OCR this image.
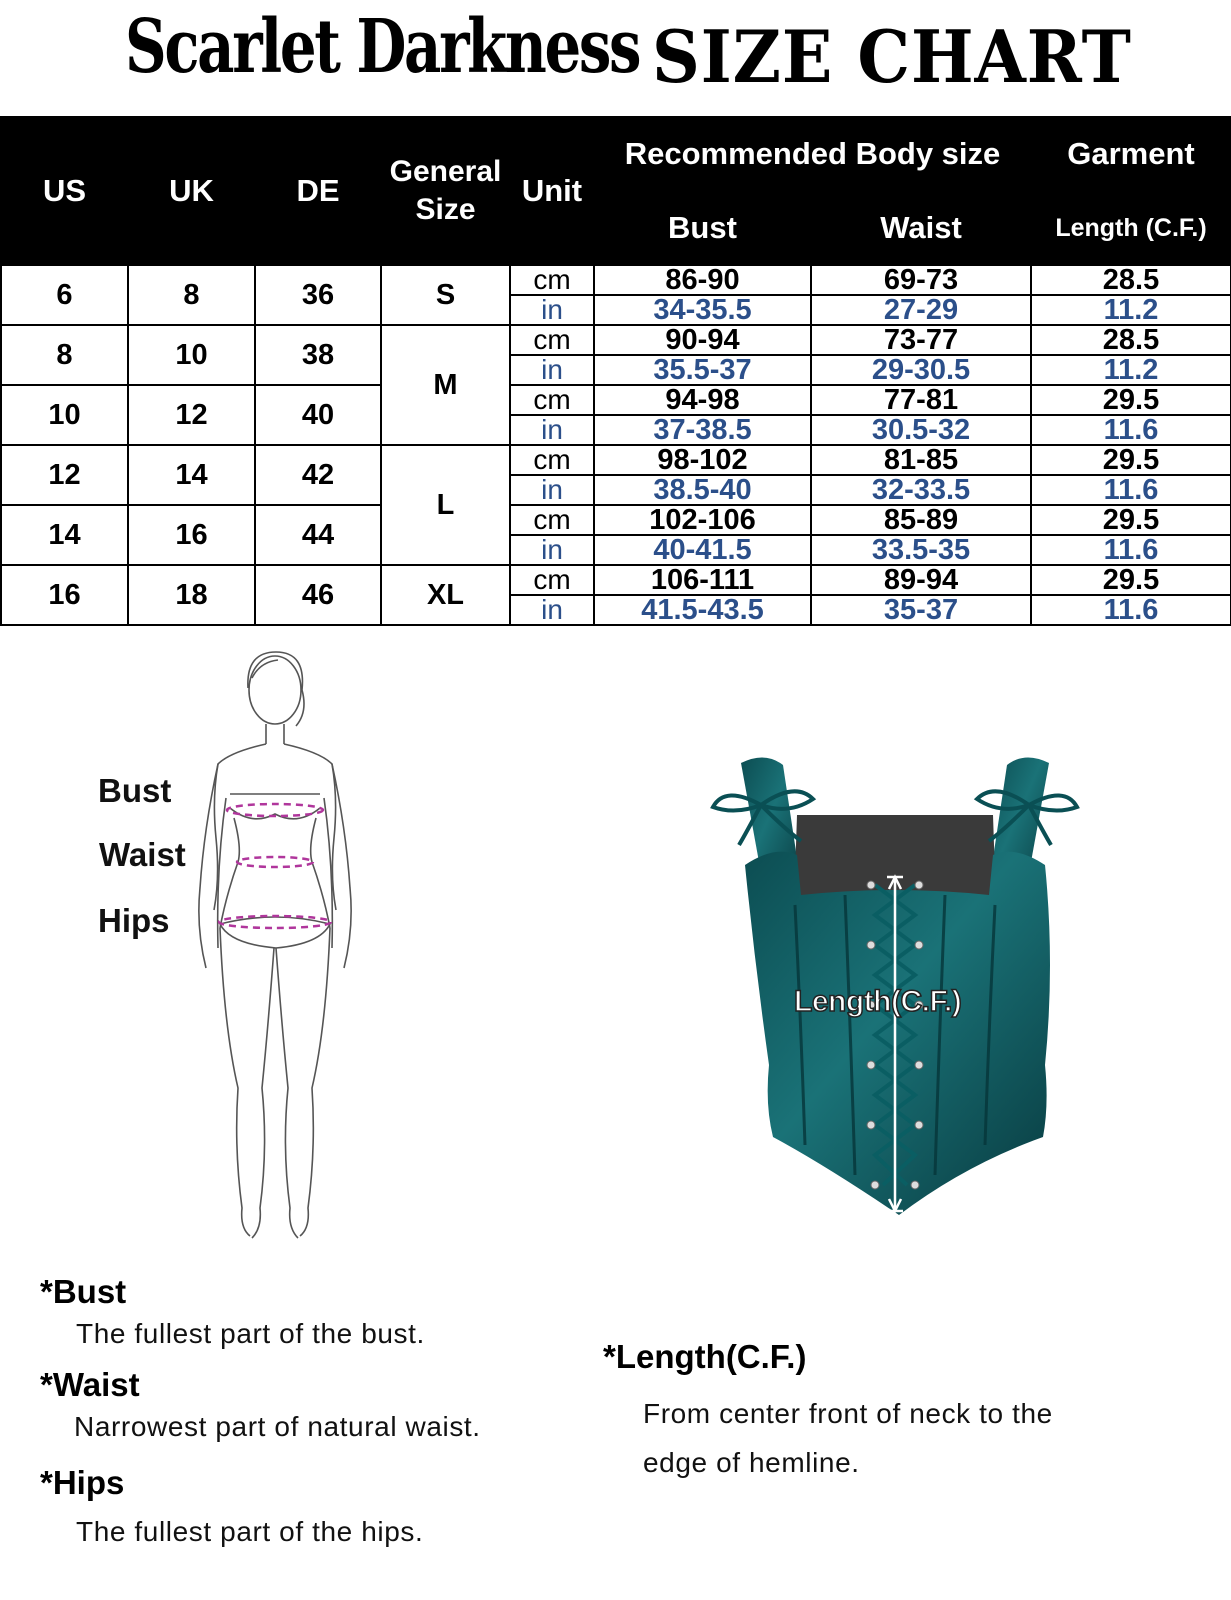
Scarlet Darkness SIZE CHART
US	UK	DE	General Size	Unit	Recommended Body size		Garment
					Bust	Waist	Length (C.F.)
6	8	36	S	cm	86-90	69-73	28.5
				in	34-35.5	27-29	11.2
8	10	38	M	cm	90-94	73-77	28.5
				in	35.5-37	29-30.5	11.2
10	12	40		cm	94-98	77-81	29.5
				in	37-38.5	30.5-32	11.6
12	14	42	L	cm	98-102	81-85	29.5
				in	38.5-40	32-33.5	11.6
14	16	44		cm	102-106	85-89	29.5
				in	40-41.5	33.5-35	11.6
16	18	46	XL	cm	106-111	89-94	29.5
				in	41.5-43.5	35-37	11.6
Bust
Waist
Hips
Length(C.F.)
*Bust
The fullest part of the bust.
*Waist
Narrowest part of natural waist.
*Hips
The fullest part of the hips.
*Length(C.F.)
From center front of neck to the
edge of hemline.
